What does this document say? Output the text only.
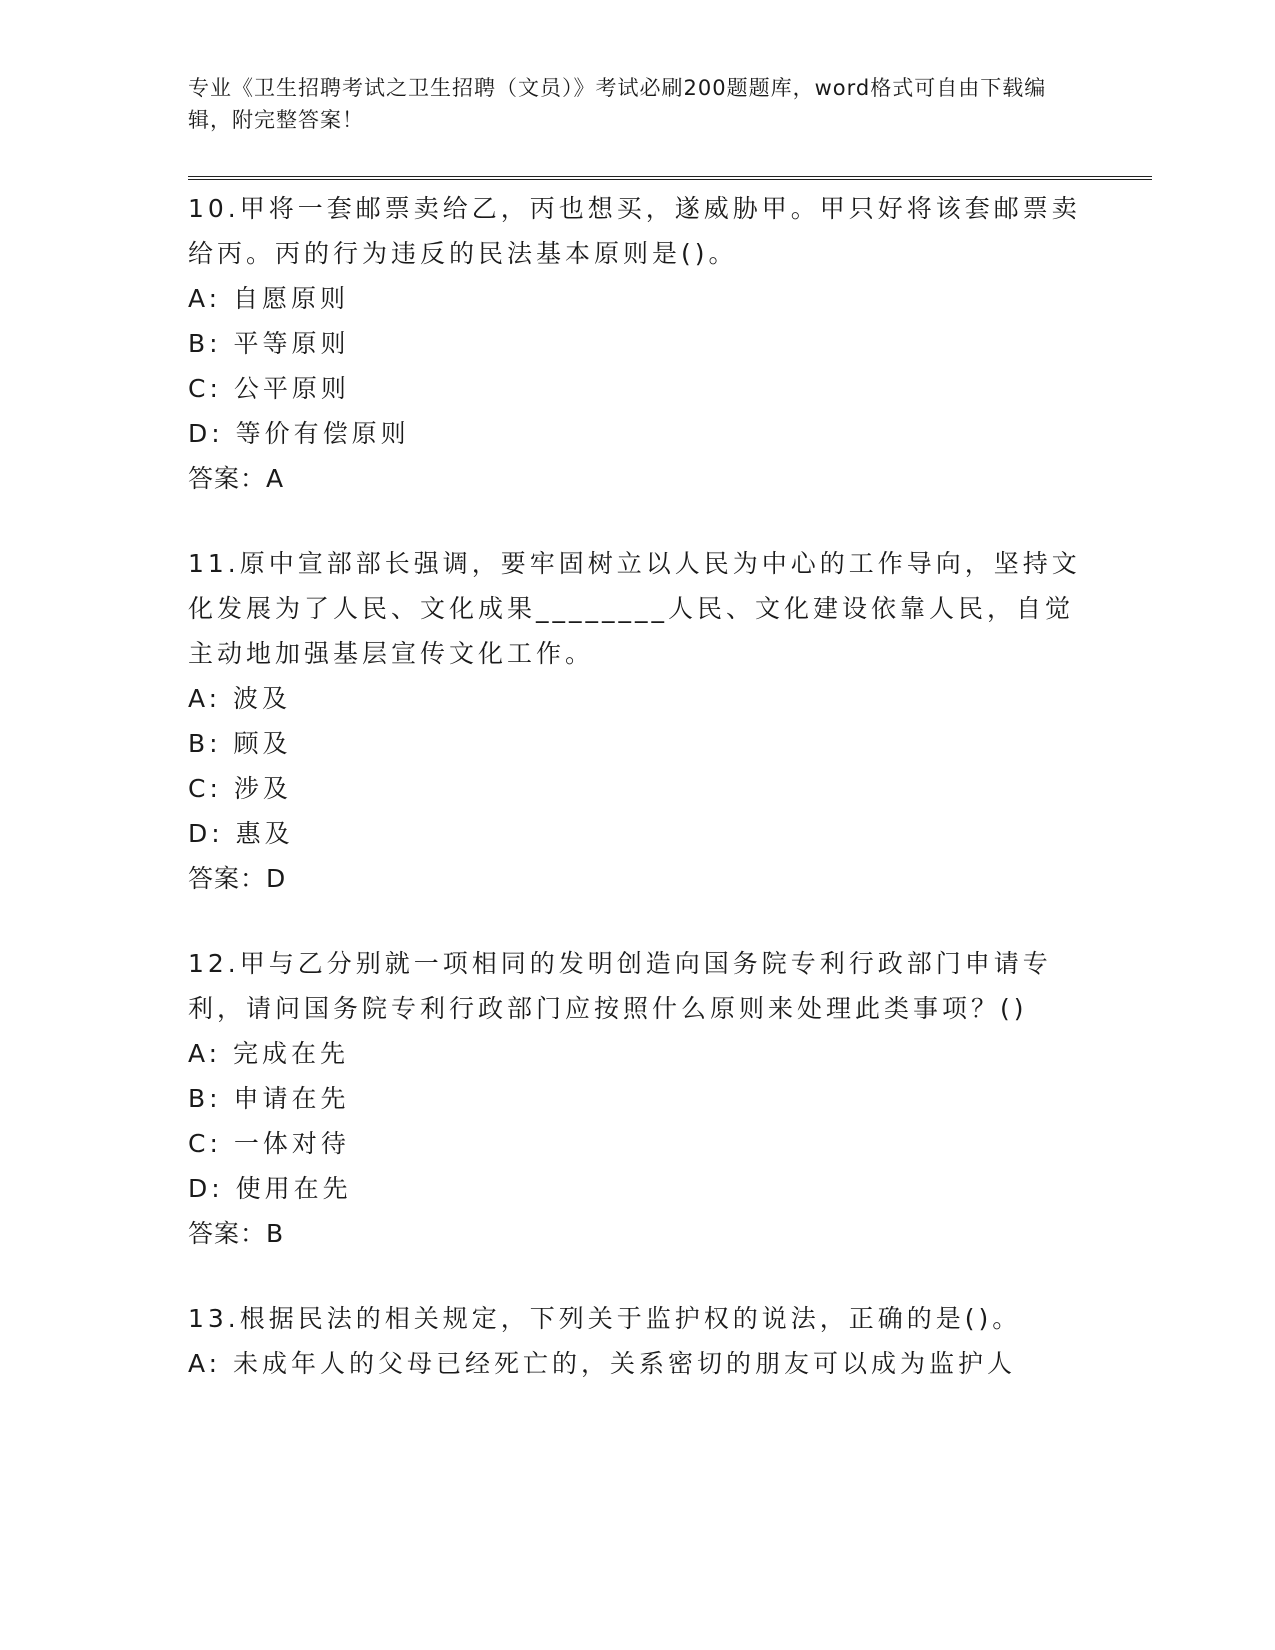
专业《卫生招聘考试之卫生招聘（文员）》考试必刷200题题库，word格式可自由下载编辑，附完整答案！

10.甲将一套邮票卖给乙，丙也想买，遂威胁甲。甲只好将该套邮票卖给丙。丙的行为违反的民法基本原则是()。

A: 自愿原则

B: 平等原则

C: 公平原则

D: 等价有偿原则

答案：A

11.原中宣部部长强调，要牢固树立以人民为中心的工作导向，坚持文化发展为了人民、文化成果________人民、文化建设依靠人民，自觉主动地加强基层宣传文化工作。

A: 波及

B: 顾及

C: 涉及

D: 惠及

答案：D

12.甲与乙分别就一项相同的发明创造向国务院专利行政部门申请专利，请问国务院专利行政部门应按照什么原则来处理此类事项？()

A: 完成在先

B: 申请在先

C: 一体对待

D: 使用在先

答案：B

13.根据民法的相关规定，下列关于监护权的说法，正确的是()。

A: 未成年人的父母已经死亡的，关系密切的朋友可以成为监护人
